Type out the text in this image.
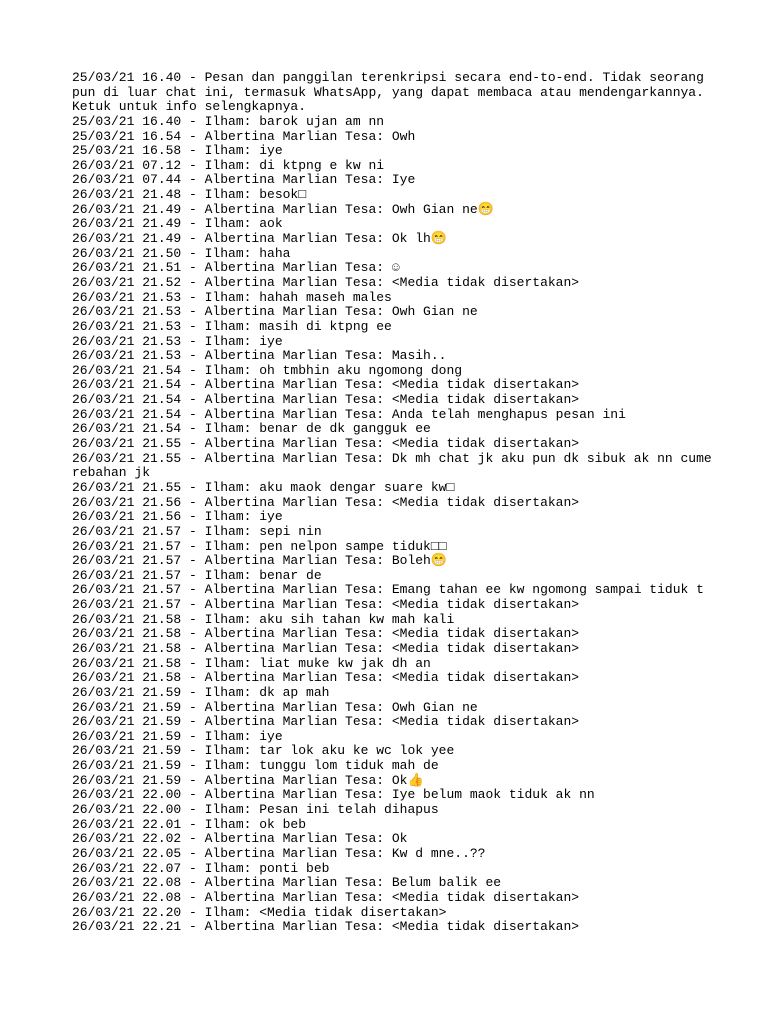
25/03/21 16.40 - Pesan dan panggilan terenkripsi secara end-to-end. Tidak seorang
pun di luar chat ini, termasuk WhatsApp, yang dapat membaca atau mendengarkannya.
Ketuk untuk info selengkapnya.
25/03/21 16.40 - Ilham: barok ujan am nn
25/03/21 16.54 - Albertina Marlian Tesa: Owh
25/03/21 16.58 - Ilham: iye
26/03/21 07.12 - Ilham: di ktpng e kw ni
26/03/21 07.44 - Albertina Marlian Tesa: Iye
26/03/21 21.48 - Ilham: besok□
26/03/21 21.49 - Albertina Marlian Tesa: Owh Gian ne😁
26/03/21 21.49 - Ilham: aok
26/03/21 21.49 - Albertina Marlian Tesa: Ok lh😁
26/03/21 21.50 - Ilham: haha
26/03/21 21.51 - Albertina Marlian Tesa: ☺
26/03/21 21.52 - Albertina Marlian Tesa: <Media tidak disertakan>
26/03/21 21.53 - Ilham: hahah maseh males
26/03/21 21.53 - Albertina Marlian Tesa: Owh Gian ne
26/03/21 21.53 - Ilham: masih di ktpng ee
26/03/21 21.53 - Ilham: iye
26/03/21 21.53 - Albertina Marlian Tesa: Masih..
26/03/21 21.54 - Ilham: oh tmbhin aku ngomong dong
26/03/21 21.54 - Albertina Marlian Tesa: <Media tidak disertakan>
26/03/21 21.54 - Albertina Marlian Tesa: <Media tidak disertakan>
26/03/21 21.54 - Albertina Marlian Tesa: Anda telah menghapus pesan ini
26/03/21 21.54 - Ilham: benar de dk gangguk ee
26/03/21 21.55 - Albertina Marlian Tesa: <Media tidak disertakan>
26/03/21 21.55 - Albertina Marlian Tesa: Dk mh chat jk aku pun dk sibuk ak nn cume
rebahan jk
26/03/21 21.55 - Ilham: aku maok dengar suare kw□
26/03/21 21.56 - Albertina Marlian Tesa: <Media tidak disertakan>
26/03/21 21.56 - Ilham: iye
26/03/21 21.57 - Ilham: sepi nin
26/03/21 21.57 - Ilham: pen nelpon sampe tiduk□□
26/03/21 21.57 - Albertina Marlian Tesa: Boleh😁
26/03/21 21.57 - Ilham: benar de
26/03/21 21.57 - Albertina Marlian Tesa: Emang tahan ee kw ngomong sampai tiduk t
26/03/21 21.57 - Albertina Marlian Tesa: <Media tidak disertakan>
26/03/21 21.58 - Ilham: aku sih tahan kw mah kali
26/03/21 21.58 - Albertina Marlian Tesa: <Media tidak disertakan>
26/03/21 21.58 - Albertina Marlian Tesa: <Media tidak disertakan>
26/03/21 21.58 - Ilham: liat muke kw jak dh an
26/03/21 21.58 - Albertina Marlian Tesa: <Media tidak disertakan>
26/03/21 21.59 - Ilham: dk ap mah
26/03/21 21.59 - Albertina Marlian Tesa: Owh Gian ne
26/03/21 21.59 - Albertina Marlian Tesa: <Media tidak disertakan>
26/03/21 21.59 - Ilham: iye
26/03/21 21.59 - Ilham: tar lok aku ke wc lok yee
26/03/21 21.59 - Ilham: tunggu lom tiduk mah de
26/03/21 21.59 - Albertina Marlian Tesa: Ok👍
26/03/21 22.00 - Albertina Marlian Tesa: Iye belum maok tiduk ak nn
26/03/21 22.00 - Ilham: Pesan ini telah dihapus
26/03/21 22.01 - Ilham: ok beb
26/03/21 22.02 - Albertina Marlian Tesa: Ok
26/03/21 22.05 - Albertina Marlian Tesa: Kw d mne..??
26/03/21 22.07 - Ilham: ponti beb
26/03/21 22.08 - Albertina Marlian Tesa: Belum balik ee
26/03/21 22.08 - Albertina Marlian Tesa: <Media tidak disertakan>
26/03/21 22.20 - Ilham: <Media tidak disertakan>
26/03/21 22.21 - Albertina Marlian Tesa: <Media tidak disertakan>
